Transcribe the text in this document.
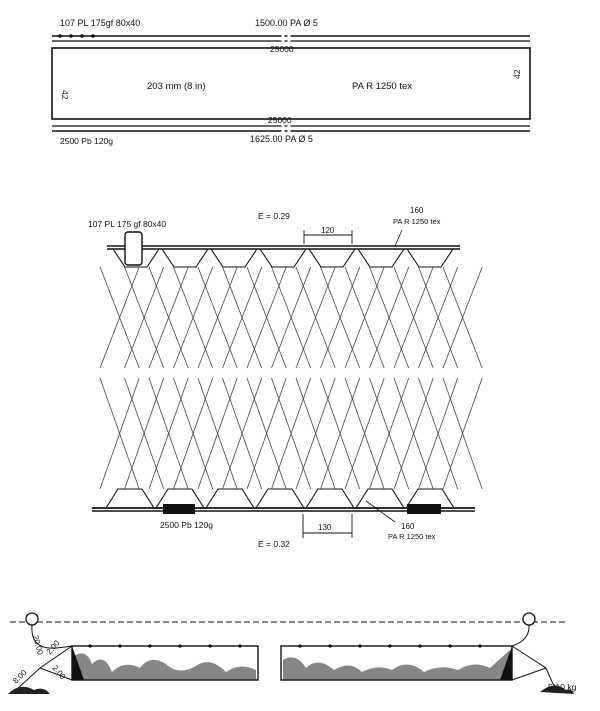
107 PL 175gf 80x40	1500.00 PA Ø 5
25000
42
42
203 mm (8 in)	PA R 1250 tex
25000
2500 Pb 120g	1625.00 PA Ø 5
107 PL 175 gf 80x40
E = 0.29
120
160
PA R 1250 tex
2500 Pb 120g	130	160
PA R 1250 tex
E = 0.32
20.00 2.00
8.00	2.00
5-10 kg
